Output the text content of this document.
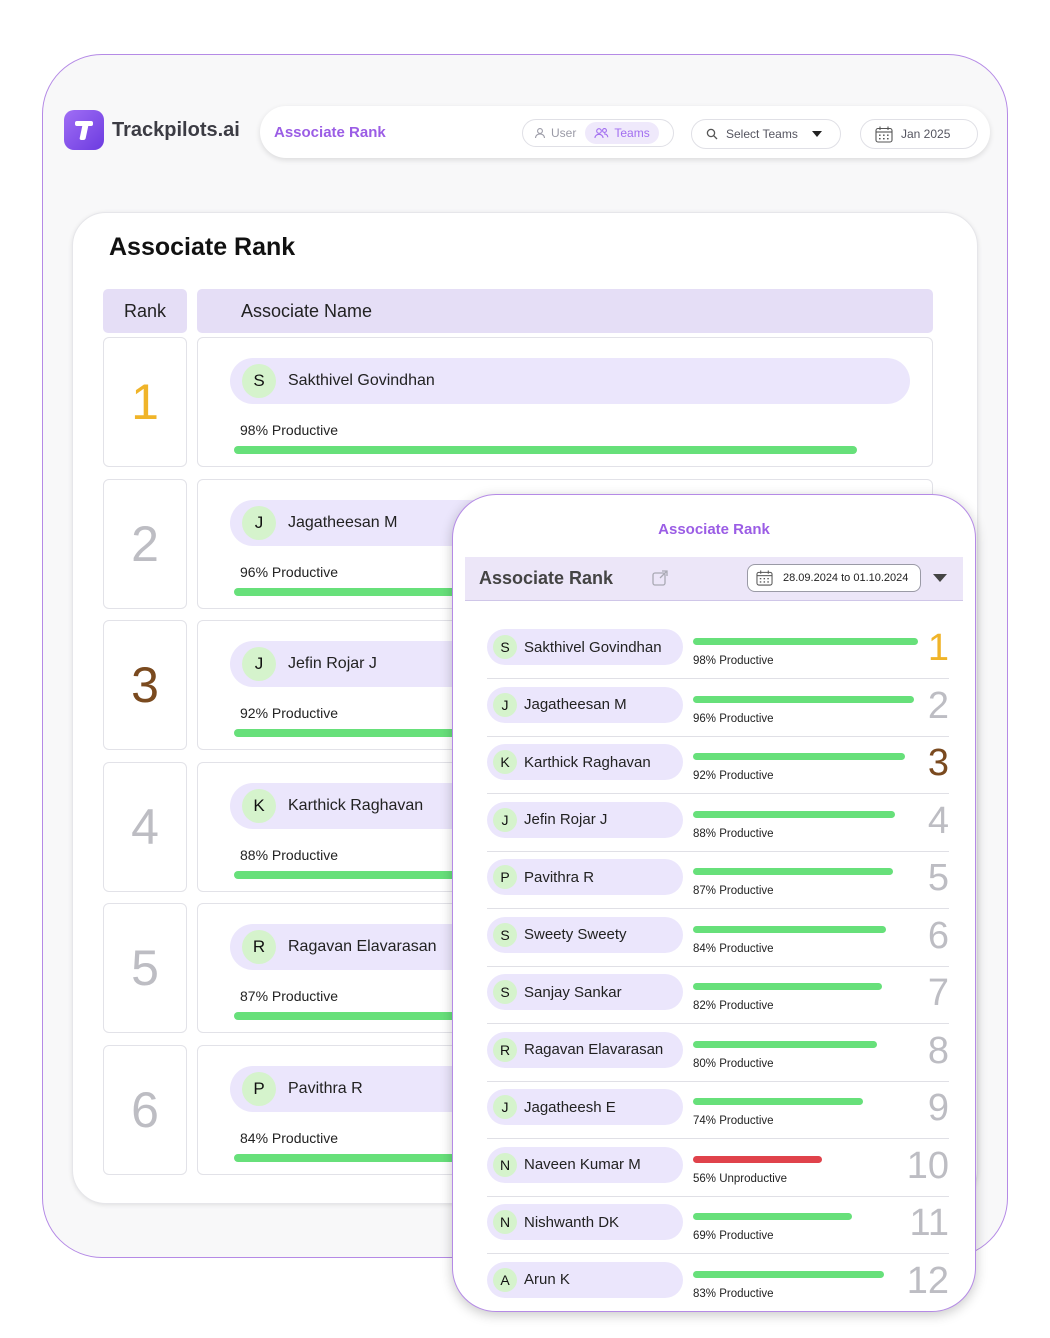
Trackpilots.ai Associate Rank	User	Teams	Select Teams	Jan 2025
Associate Rank
Rank	Associate Name
1	S	Sakthivel Govindhan
98% Productive
2	J	Jagatheesan M
96% Productive
3	J	Jefin Rojar J
92% Productive
4	K	Karthick Raghavan
88% Productive
5	R	Ragavan Elavarasan
87% Productive
6	P	Pavithra R
84% Productive
Associate Rank
Associate Rank	28.09.2024 to 01.10.2024
S Sakthivel Govindhan
98% Productive	1
J	Jagatheesan M
96% Productive	2
K Karthick Raghavan
92% Productive	3
J	Jefin Rojar J
88% Productive	4
P Pavithra R
87% Productive	5
S Sweety Sweety
84% Productive	6
S Sanjay Sankar
82% Productive	7
R Ragavan Elavarasan
80% Productive	8
J	Jagatheesh E
74% Productive	9
N Naveen Kumar M
56% Unproductive	10
N Nishwanth DK
69% Productive	11
A Arun K
83% Productive	12
